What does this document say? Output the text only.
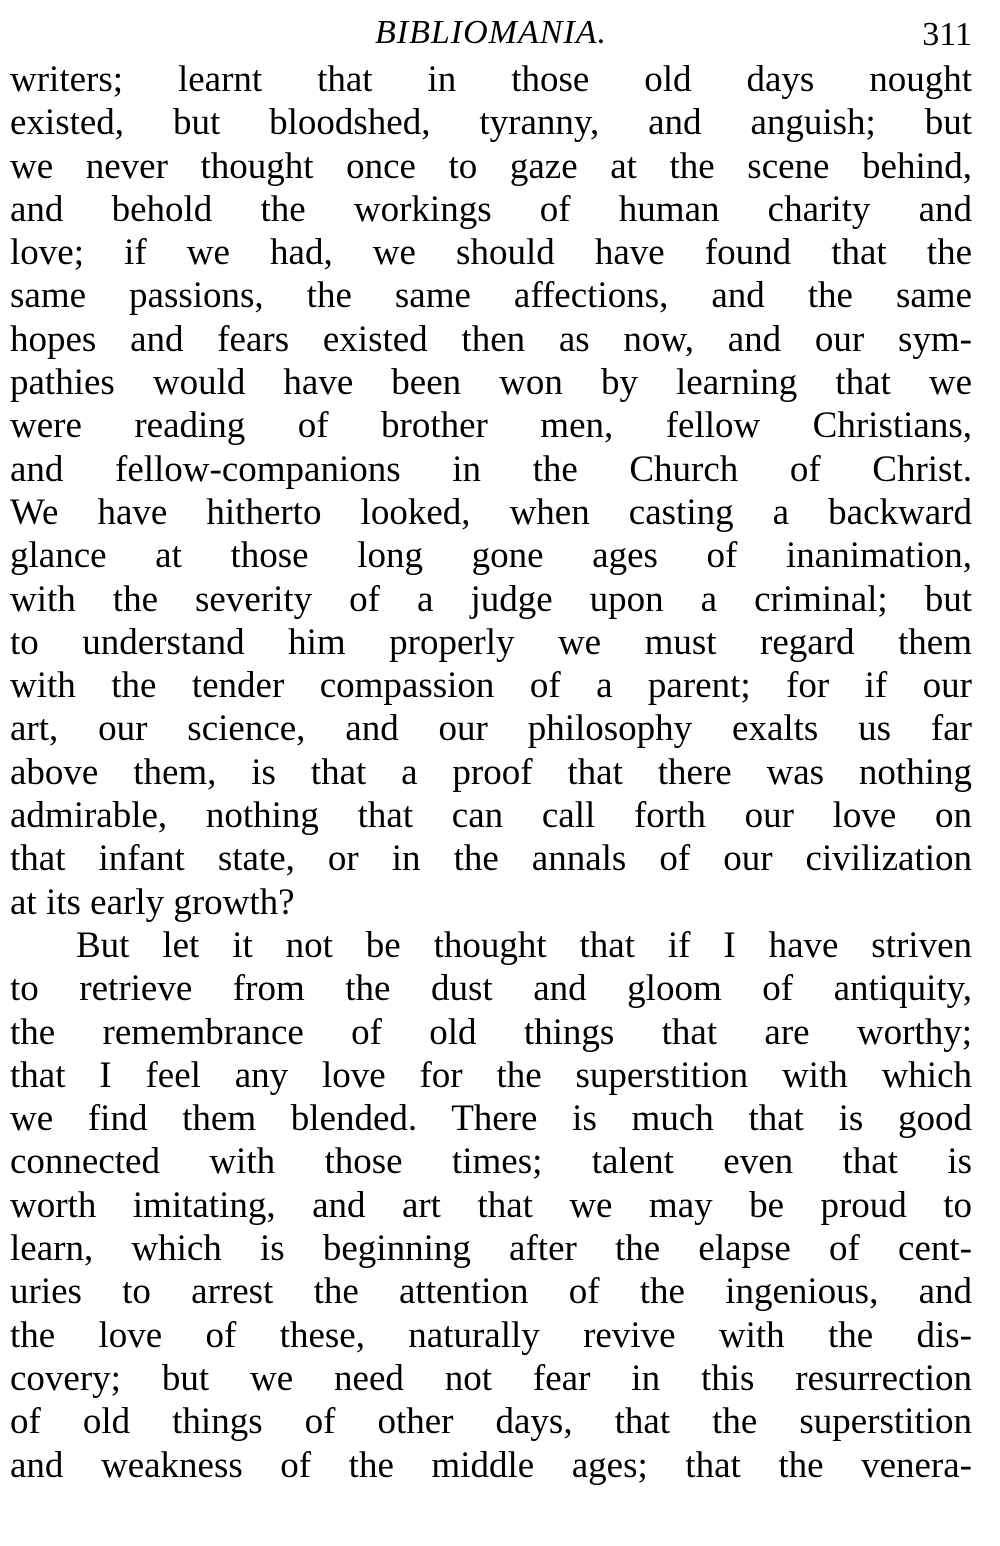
BIBLIOMANIA.	311
writers; learnt that in those old days nought
existed, but bloodshed, tyranny, and anguish; but
we never thought once to gaze at the scene behind,
and behold the workings of human charity and
love; if we had, we should have found that the
same passions, the same affections, and the same
hopes and fears existed then as now, and our sym-
pathies would have been won by learning that we
were reading of brother men, fellow Christians,
and fellow-companions in the Church of Christ.
We have hitherto looked, when casting a backward
glance at those long gone ages of inanimation,
with the severity of a judge upon a criminal; but
to understand him properly we must regard them
with the tender compassion of a parent; for if our
art, our science, and our philosophy exalts us far
above them, is that a proof that there was nothing
admirable, nothing that can call forth our love on
that infant state, or in the annals of our civilization
at its early growth?
But let it not be thought that if I have striven
to retrieve from the dust and gloom of antiquity,
the remembrance of old things that are worthy;
that I feel any love for the superstition with which
we find them blended. There is much that is good
connected with those times; talent even that is
worth imitating, and art that we may be proud to
learn, which is beginning after the elapse of cent-
uries to arrest the attention of the ingenious, and
the love of these, naturally revive with the dis-
covery; but we need not fear in this resurrection
of old things of other days, that the superstition
and weakness of the middle ages; that the venera-
